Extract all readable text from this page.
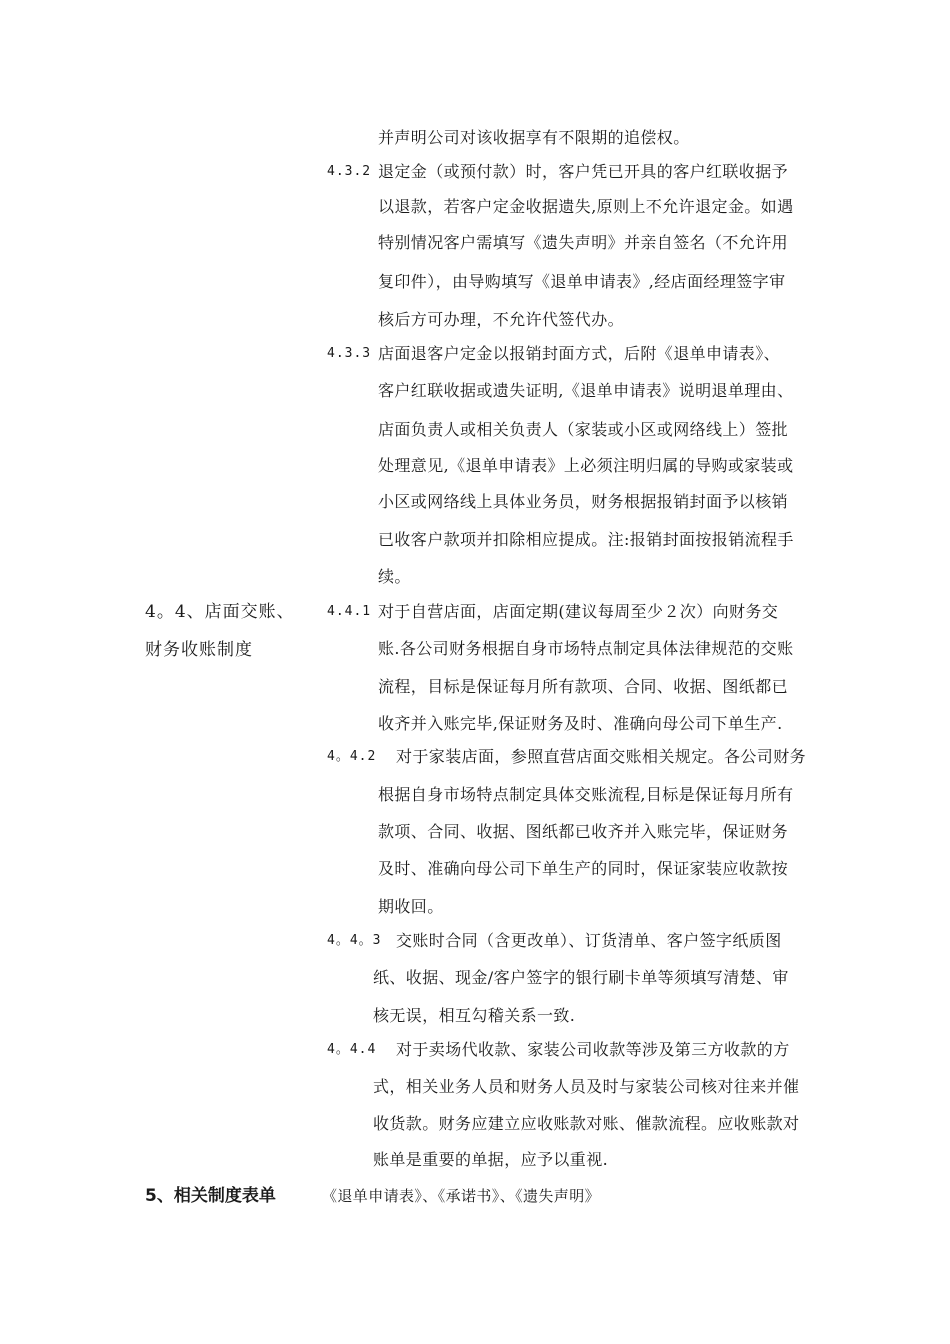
并声明公司对该收据享有不限期的追偿权。
4.3.2 退定金（或预付款）时，客户凭已开具的客户红联收据予
以退款，若客户定金收据遗失,原则上不允许退定金。如遇
特别情况客户需填写《遗失声明》并亲自签名（不允许用
复印件），由导购填写《退单申请表》,经店面经理签字审
核后方可办理，不允许代签代办。
4.3.3 店面退客户定金以报销封面方式，后附《退单申请表》、
客户红联收据或遗失证明,《退单申请表》说明退单理由、
店面负责人或相关负责人（家装或小区或网络线上）签批
处理意见,《退单申请表》上必须注明归属的导购或家装或
小区或网络线上具体业务员，财务根据报销封面予以核销
已收客户款项并扣除相应提成。注:报销封面按报销流程手
续。
4。4、店面交账、
财务收账制度
4.4.1 对于自营店面，店面定期(建议每周至少２次）向财务交
账.各公司财务根据自身市场特点制定具体法律规范的交账
流程，目标是保证每月所有款项、合同、收据、图纸都已
收齐并入账完毕,保证财务及时、准确向母公司下单生产.
4。4.2 对于家装店面，参照直营店面交账相关规定。各公司财务
根据自身市场特点制定具体交账流程,目标是保证每月所有
款项、合同、收据、图纸都已收齐并入账完毕，保证财务
及时、准确向母公司下单生产的同时，保证家装应收款按
期收回。
4。4。3 交账时合同（含更改单）、订货清单、客户签字纸质图
纸、收据、现金/客户签字的银行刷卡单等须填写清楚、审
核无误，相互勾稽关系一致.
4。4.4 对于卖场代收款、家装公司收款等涉及第三方收款的方
式，相关业务人员和财务人员及时与家装公司核对往来并催
收货款。财务应建立应收账款对账、催款流程。应收账款对
账单是重要的单据，应予以重视.
5、相关制度表单	《退单申请表》、《承诺书》、《遗失声明》
